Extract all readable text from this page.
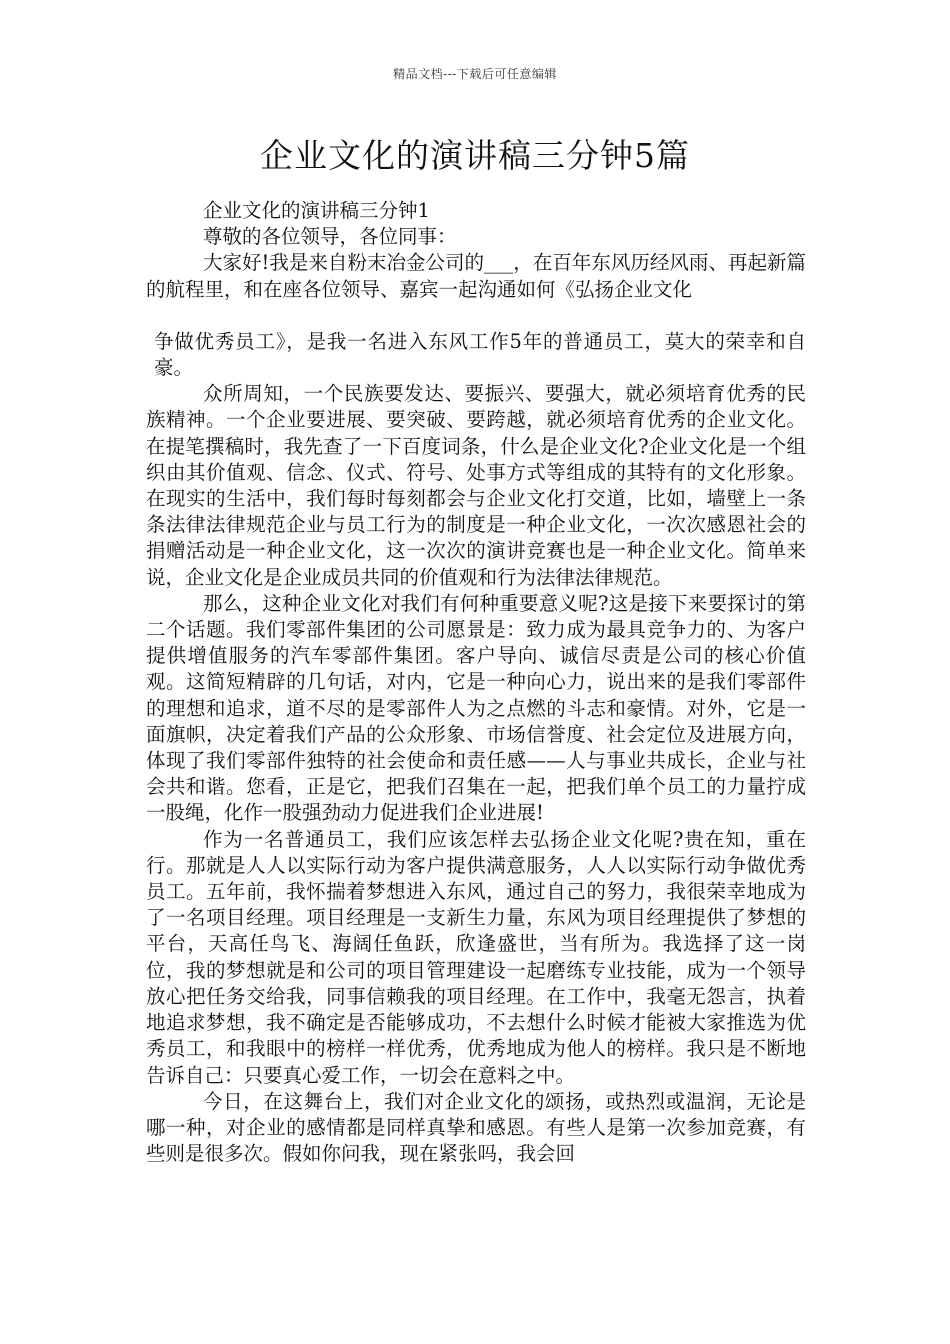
精品文档---下载后可任意编辑
企业文化的演讲稿三分钟5篇

企业文化的演讲稿三分钟1

尊敬的各位领导，各位同事：

大家好!我是来自粉末冶金公司的___，在百年东风历经风雨、再起新篇的航程里，和在座各位领导、嘉宾一起沟通如何《弘扬企业文化

争做优秀员工》，是我一名进入东风工作5年的普通员工，莫大的荣幸和自豪。

众所周知，一个民族要发达、要振兴、要强大，就必须培育优秀的民族精神。一个企业要进展、要突破、要跨越，就必须培育优秀的企业文化。在提笔撰稿时，我先查了一下百度词条，什么是企业文化?企业文化是一个组织由其价值观、信念、仪式、符号、处事方式等组成的其特有的文化形象。在现实的生活中，我们每时每刻都会与企业文化打交道，比如，墙壁上一条条法律法律规范企业与员工行为的制度是一种企业文化，一次次感恩社会的捐赠活动是一种企业文化，这一次次的演讲竞赛也是一种企业文化。简单来说，企业文化是企业成员共同的价值观和行为法律法律规范。

那么，这种企业文化对我们有何种重要意义呢?这是接下来要探讨的第二个话题。我们零部件集团的公司愿景是：致力成为最具竞争力的、为客户提供增值服务的汽车零部件集团。客户导向、诚信尽责是公司的核心价值观。这简短精辟的几句话，对内，它是一种向心力，说出来的是我们零部件的理想和追求，道不尽的是零部件人为之点燃的斗志和豪情。对外，它是一面旗帜，决定着我们产品的公众形象、市场信誉度、社会定位及进展方向，体现了我们零部件独特的社会使命和责任感——人与事业共成长，企业与社会共和谐。您看，正是它，把我们召集在一起，把我们单个员工的力量拧成一股绳，化作一股强劲动力促进我们企业进展!

作为一名普通员工，我们应该怎样去弘扬企业文化呢?贵在知，重在行。那就是人人以实际行动为客户提供满意服务，人人以实际行动争做优秀员工。五年前，我怀揣着梦想进入东风，通过自己的努力，我很荣幸地成为了一名项目经理。项目经理是一支新生力量，东风为项目经理提供了梦想的平台，天高任鸟飞、海阔任鱼跃，欣逢盛世，当有所为。我选择了这一岗位，我的梦想就是和公司的项目管理建设一起磨练专业技能，成为一个领导放心把任务交给我，同事信赖我的项目经理。在工作中，我毫无怨言，执着地追求梦想，我不确定是否能够成功，不去想什么时候才能被大家推选为优秀员工，和我眼中的榜样一样优秀，优秀地成为他人的榜样。我只是不断地告诉自己：只要真心爱工作，一切会在意料之中。

今日，在这舞台上，我们对企业文化的颂扬，或热烈或温润，无论是哪一种，对企业的感情都是同样真挚和感恩。有些人是第一次参加竞赛，有些则是很多次。假如你问我，现在紧张吗，我会回
